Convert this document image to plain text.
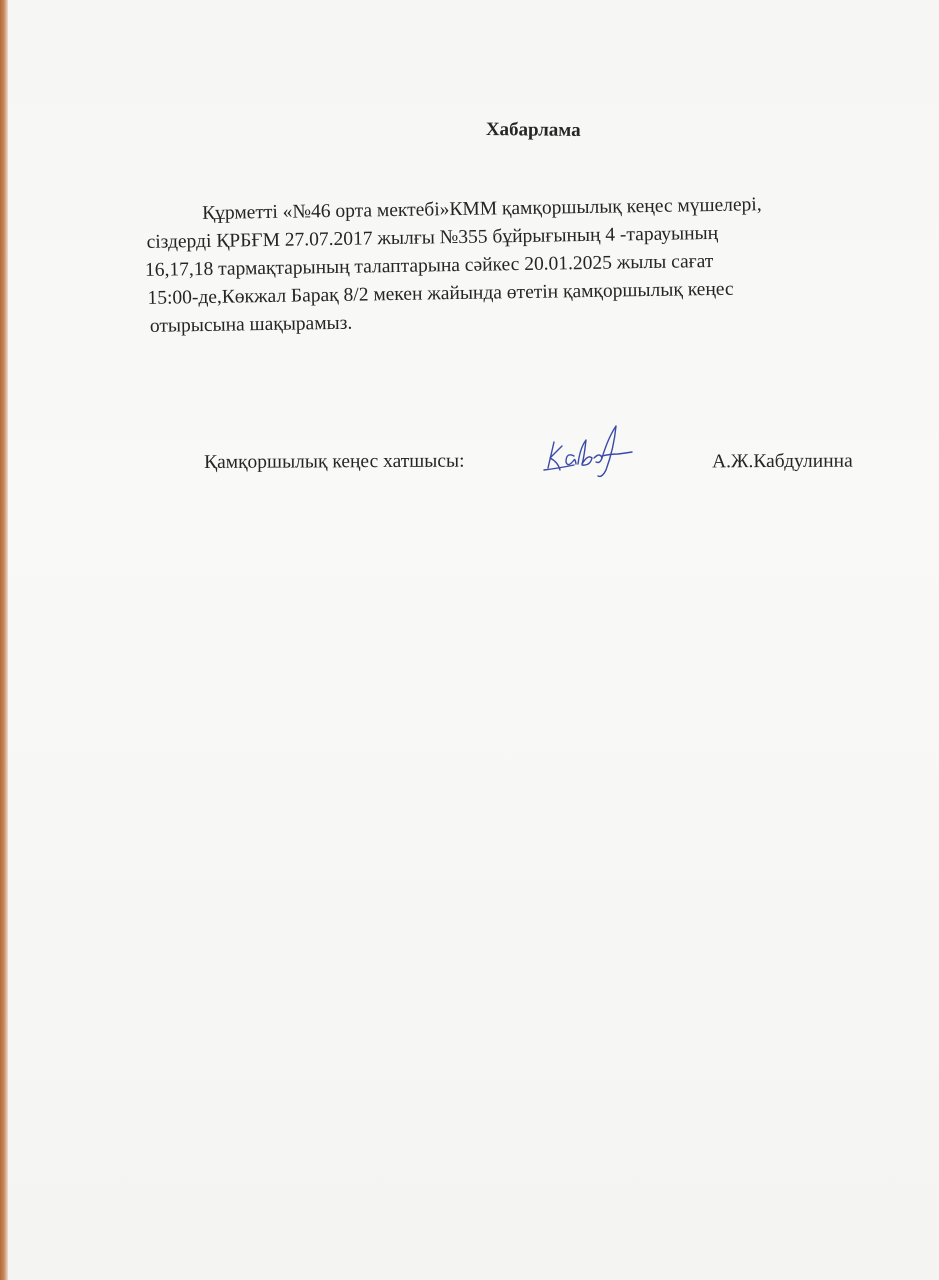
Хабарлама

Құрметті «№46 орта мектебі»КММ қамқоршылық кеңес мүшелері,

сіздерді ҚРБҒМ 27.07.2017 жылғы №355 бұйрығының 4 -тарауының

16,17,18 тармақтарының талаптарына сәйкес 20.01.2025 жылы сағат

15:00-де,Көкжал Барақ 8/2 мекен жайында өтетін қамқоршылық кеңес

отырысына шақырамыз.

Қамқоршылық кеңес хатшысы:	А.Ж.Кабдулинна
